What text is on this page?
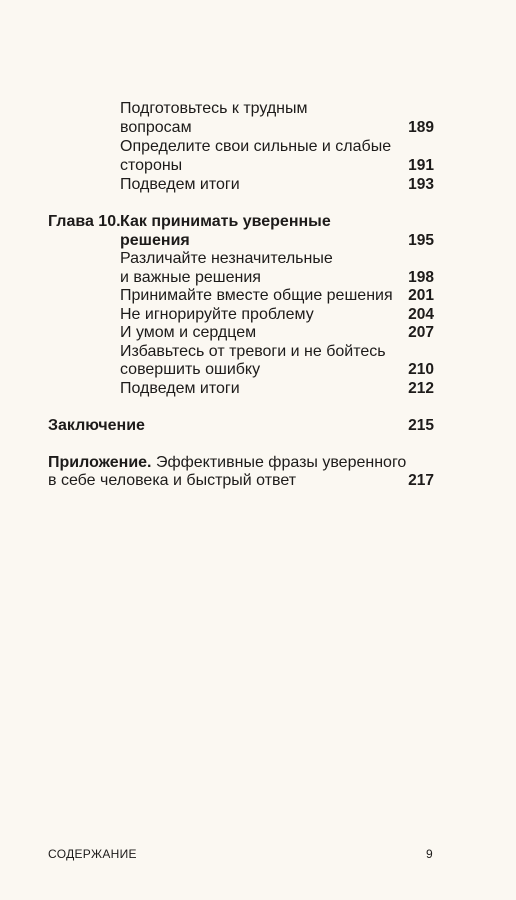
Подготовьтесь к трудным
вопросам	189
Определите свои сильные и слабые
стороны	191
Подведем итоги	193
Глава 10. Как принимать уверенные
решения	195
Различайте незначительные
и важные решения	198
Принимайте вместе общие решения	201
Не игнорируйте проблему	204
И умом и сердцем	207
Избавьтесь от тревоги и не бойтесь
совершить ошибку	210
Подведем итоги	212
Заключение	215
Приложение. Эффективные фразы уверенного
в себе человека и быстрый ответ	217
СОДЕРЖАНИЕ	9
